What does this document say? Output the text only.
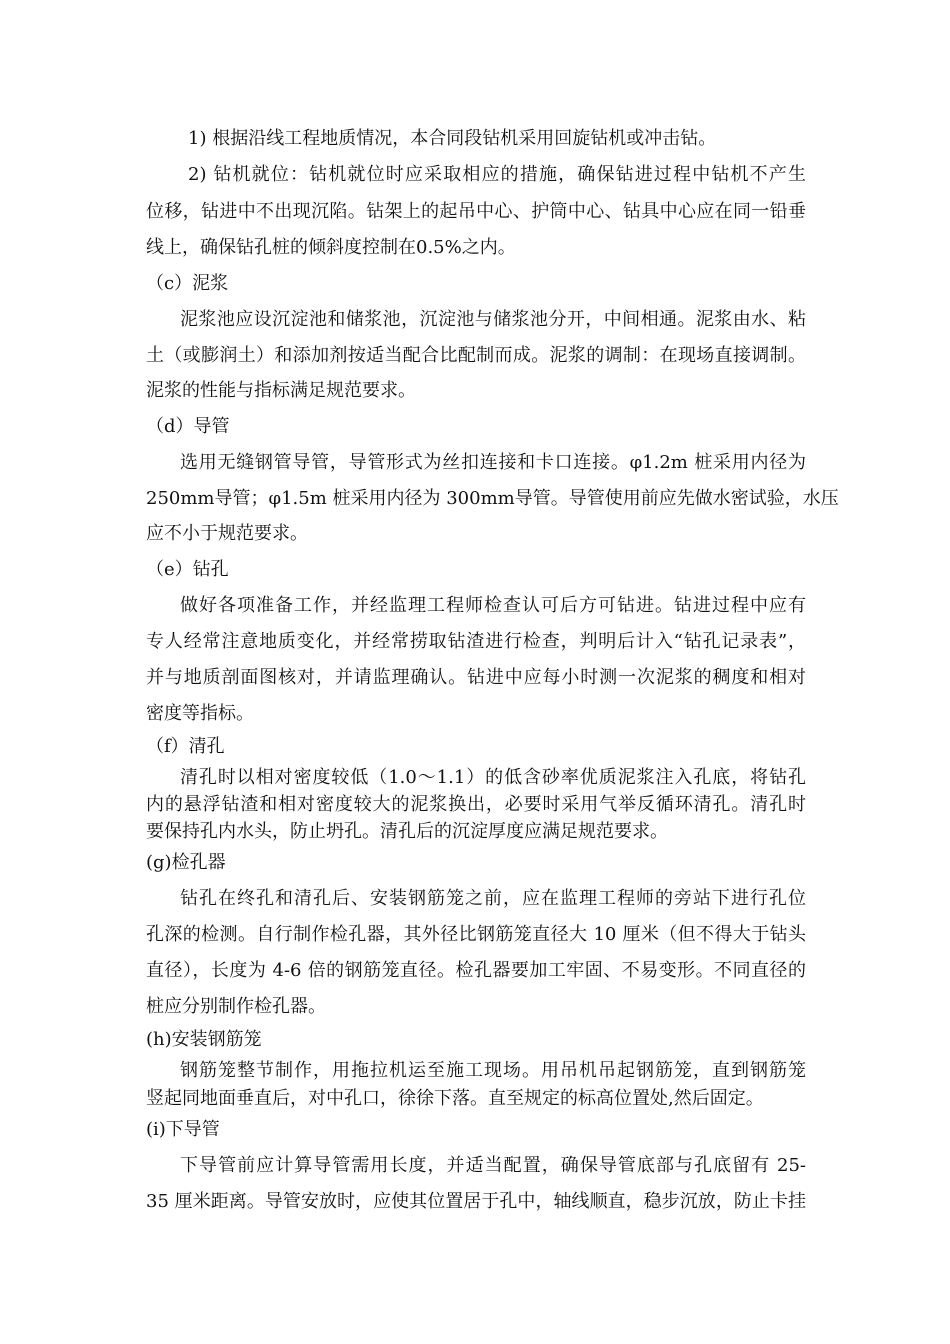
1) 根据沿线工程地质情况，本合同段钻机采用回旋钻机或冲击钻。
2) 钻机就位：钻机就位时应采取相应的措施，确保钻进过程中钻机不产生
位移，钻进中不出现沉陷。钻架上的起吊中心、护筒中心、钻具中心应在同一铅垂
线上，确保钻孔桩的倾斜度控制在0.5%之内。
（c）泥浆
泥浆池应设沉淀池和储浆池，沉淀池与储浆池分开，中间相通。泥浆由水、粘
土（或膨润土）和添加剂按适当配合比配制而成。泥浆的调制：在现场直接调制。
泥浆的性能与指标满足规范要求。
（d）导管
选用无缝钢管导管，导管形式为丝扣连接和卡口连接。φ1.2m 桩采用内径为
250mm导管；φ1.5m 桩采用内径为 300mm导管。导管使用前应先做水密试验，水压
应不小于规范要求。
（e）钻孔
做好各项准备工作，并经监理工程师检查认可后方可钻进。钻进过程中应有
专人经常注意地质变化，并经常捞取钻渣进行检查，判明后计入“钻孔记录表”，
并与地质剖面图核对，并请监理确认。钻进中应每小时测一次泥浆的稠度和相对
密度等指标。
（f）清孔
清孔时以相对密度较低（1.0～1.1）的低含砂率优质泥浆注入孔底，将钻孔
内的悬浮钻渣和相对密度较大的泥浆换出，必要时采用气举反循环清孔。清孔时
要保持孔内水头，防止坍孔。清孔后的沉淀厚度应满足规范要求。
(g)检孔器
钻孔在终孔和清孔后、安装钢筋笼之前，应在监理工程师的旁站下进行孔位
孔深的检测。自行制作检孔器，其外径比钢筋笼直径大 10 厘米（但不得大于钻头
直径），长度为 4-6 倍的钢筋笼直径。检孔器要加工牢固、不易变形。不同直径的
桩应分别制作检孔器。
(h)安装钢筋笼
钢筋笼整节制作，用拖拉机运至施工现场。用吊机吊起钢筋笼，直到钢筋笼
竖起同地面垂直后，对中孔口，徐徐下落。直至规定的标高位置处,然后固定。
(i)下导管
下导管前应计算导管需用长度，并适当配置，确保导管底部与孔底留有 25-
35 厘米距离。导管安放时，应使其位置居于孔中，轴线顺直，稳步沉放，防止卡挂
